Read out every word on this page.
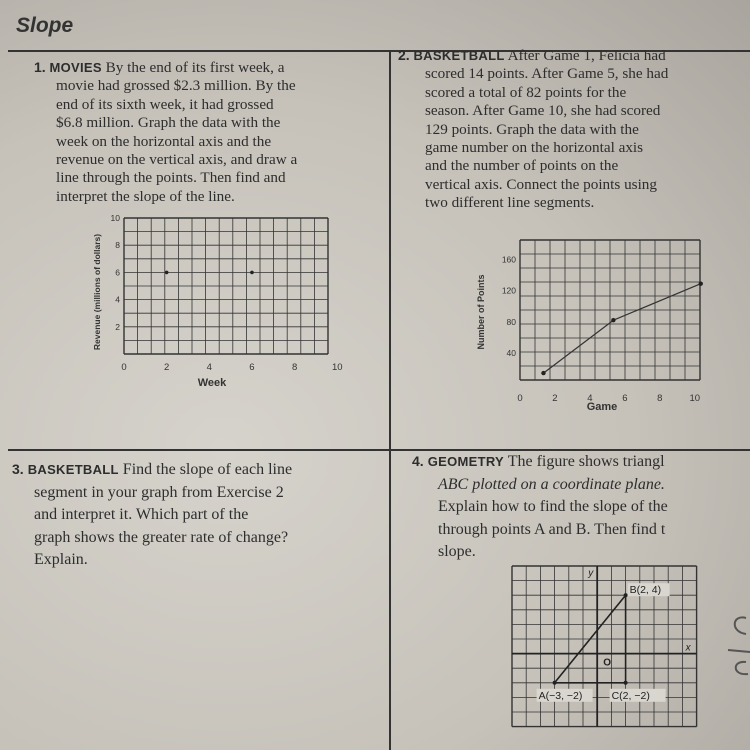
Slope
1. MOVIES By the end of its first week, a
movie had grossed $2.3 million. By the
end of its sixth week, it had grossed
$6.8 million. Graph the data with the
week on the horizontal axis and the
revenue on the vertical axis, and draw a
line through the points. Then find and
interpret the slope of the line.
2. BASKETBALL After Game 1, Felicia had
scored 14 points. After Game 5, she had
scored a total of 82 points for the
season. After Game 10, she had scored
129 points. Graph the data with the
game number on the horizontal axis
and the number of points on the
vertical axis. Connect the points using
two different line segments.
3. BASKETBALL Find the slope of each line
segment in your graph from Exercise 2
and interpret it. Which part of the
graph shows the greater rate of change?
Explain.
4. GEOMETRY The figure shows triangl
ABC plotted on a coordinate plane.
Explain how to find the slope of the
through points A and B. Then find t
slope.
0	2	4	6	8	10
2
4
6
8
10
Revenue (millions of dollars)
Week
0	2	4	6	8	10
40
80
120
160
Number of Points
Game
x
y
O
A(−3, −2)
B(2, 4)
C(2, −2)
